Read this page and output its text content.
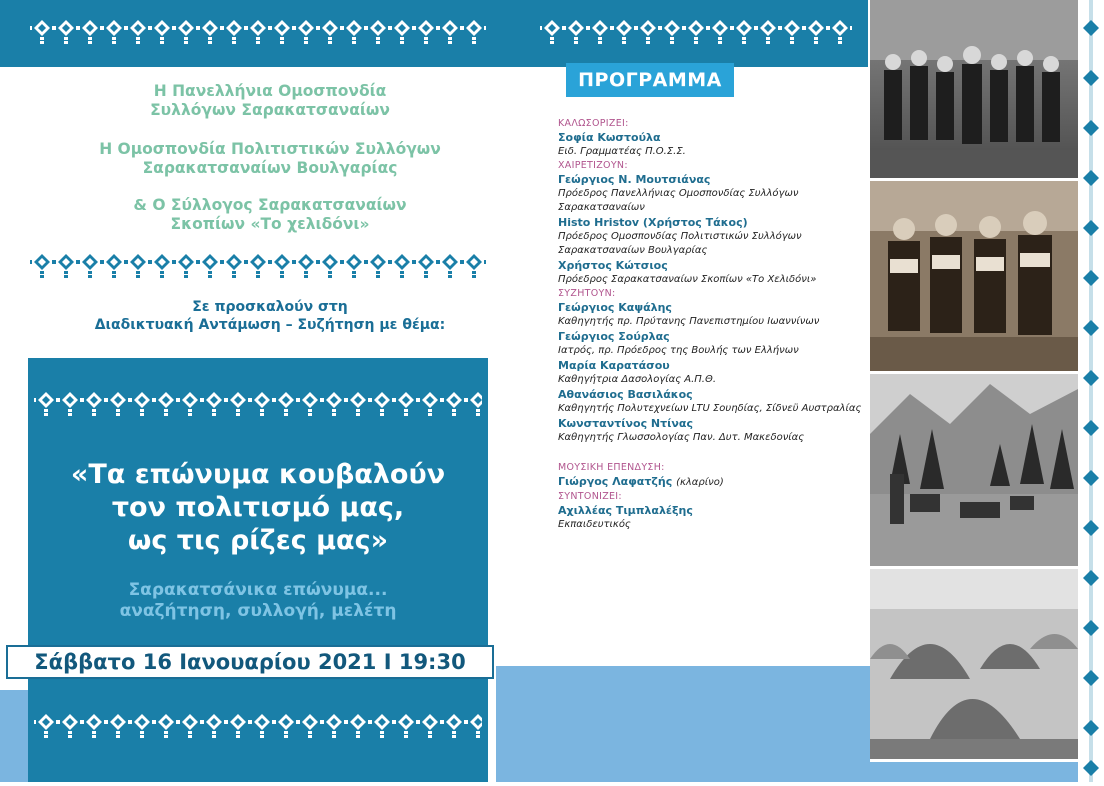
Η Πανελλήνια Ομοσπονδία
Συλλόγων Σαρακατσαναίων
Η Ομοσπονδία Πολιτιστικών Συλλόγων
Σαρακατσαναίων Βουλγαρίας
& Ο Σύλλογος Σαρακατσαναίων
Σκοπίων «Το χελιδόνι»
Σε προσκαλούν στη
Διαδικτυακή Αντάμωση – Συζήτηση με θέμα:
«Τα επώνυμα κουβαλούν
τον πολιτισμό μας,
ως τις ρίζες μας»
Σαρακατσάνικα επώνυμα...
αναζήτηση, συλλογή, μελέτη
Σάββατο 16 Ιανουαρίου 2021 Ι 19:30
ΠΡΟΓΡΑΜΜΑ
ΚΑΛΩΣΟΡΙΖΕΙ:
Σοφία Κωστούλα
Ειδ. Γραμματέας Π.Ο.Σ.Σ.
ΧΑΙΡΕΤΙΖΟΥΝ:
Γεώργιος Ν. Μουτσιάνας
Πρόεδρος Πανελλήνιας Ομοσπονδίας Συλλόγων
Σαρακατσαναίων
Histo Hristov (Χρήστος Τάκος)
Πρόεδρος Ομοσπονδίας Πολιτιστικών Συλλόγων
Σαρακατσαναίων Βουλγαρίας
Χρήστος Κώτσιος
Πρόεδρος Σαρακατσαναίων Σκοπίων «Το Χελιδόνι»
ΣΥΖΗΤΟΥΝ:
Γεώργιος Καψάλης
Καθηγητής πρ. Πρύτανης Πανεπιστημίου Ιωαννίνων
Γεώργιος Σούρλας
Ιατρός, πρ. Πρόεδρος της Βουλής των Ελλήνων
Μαρία Καρατάσου
Καθηγήτρια Δασολογίας Α.Π.Θ.
Αθανάσιος Βασιλάκος
Καθηγητής Πολυτεχνείων LTU Σουηδίας, Σίδνεϋ Αυστραλίας
Κωνσταντίνος Ντίνας
Καθηγητής Γλωσσολογίας Παν. Δυτ. Μακεδονίας
ΜΟΥΣΙΚΗ ΕΠΕΝΔΥΣΗ:
Γιώργος Λαφατζής (κλαρίνο)
ΣΥΝΤΟΝΙΖΕΙ:
Αχιλλέας Τιμπλαλέξης
Εκπαιδευτικός
